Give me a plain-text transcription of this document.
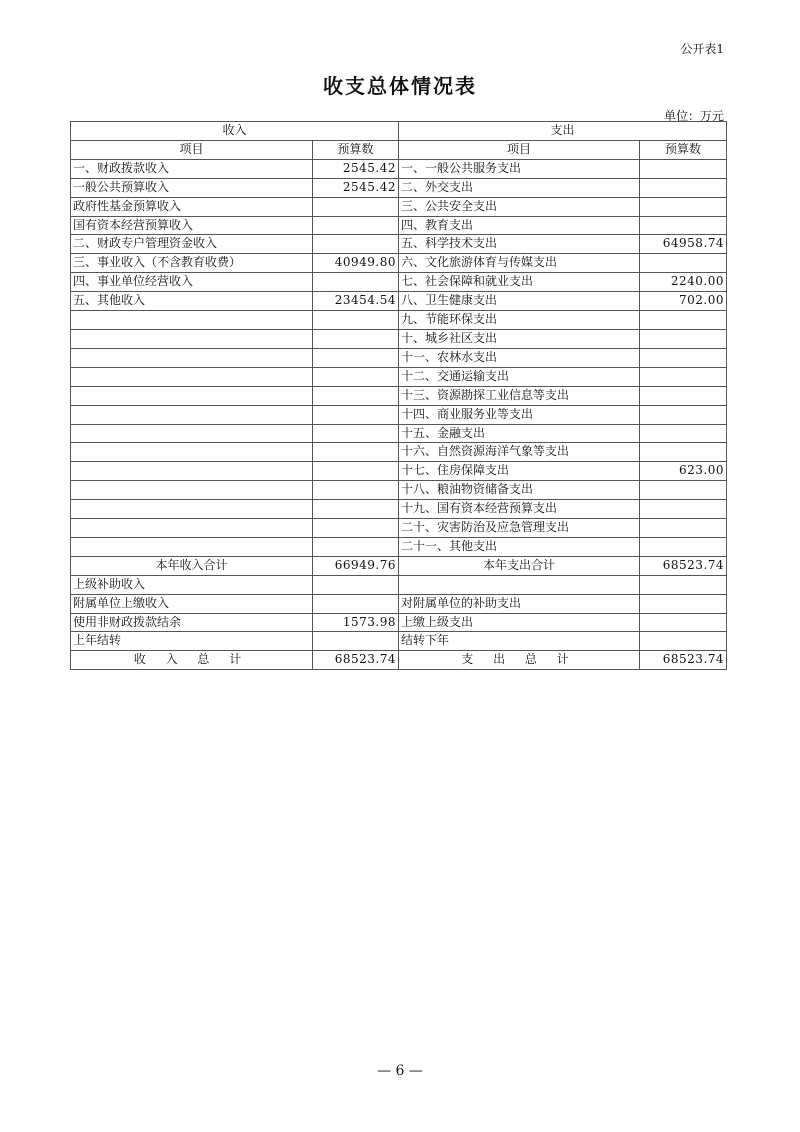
公开表1
收支总体情况表
单位：万元
收入		支出	
项目	预算数	项目	预算数
一、财政拨款收入	2545.42	一、一般公共服务支出	
一般公共预算收入	2545.42	二、外交支出	
政府性基金预算收入		三、公共安全支出	
国有资本经营预算收入		四、教育支出	
二、财政专户管理资金收入		五、科学技术支出	64958.74
三、事业收入（不含教育收费）	40949.80	六、文化旅游体育与传媒支出	
四、事业单位经营收入		七、社会保障和就业支出	2240.00
五、其他收入	23454.54	八、卫生健康支出	702.00
		九、节能环保支出	
		十、城乡社区支出	
		十一、农林水支出	
		十二、交通运输支出	
		十三、资源勘探工业信息等支出	
		十四、商业服务业等支出	
		十五、金融支出	
		十六、自然资源海洋气象等支出	
		十七、住房保障支出	623.00
		十八、粮油物资储备支出	
		十九、国有资本经营预算支出	
		二十、灾害防治及应急管理支出	
		二十一、其他支出	
本年收入合计	66949.76	本年支出合计	68523.74
上级补助收入			
附属单位上缴收入		对附属单位的补助支出	
使用非财政拨款结余	1573.98	上缴上级支出	
上年结转		结转下年	
收 入 总 计	68523.74	支 出 总 计	68523.74
— 6 —
